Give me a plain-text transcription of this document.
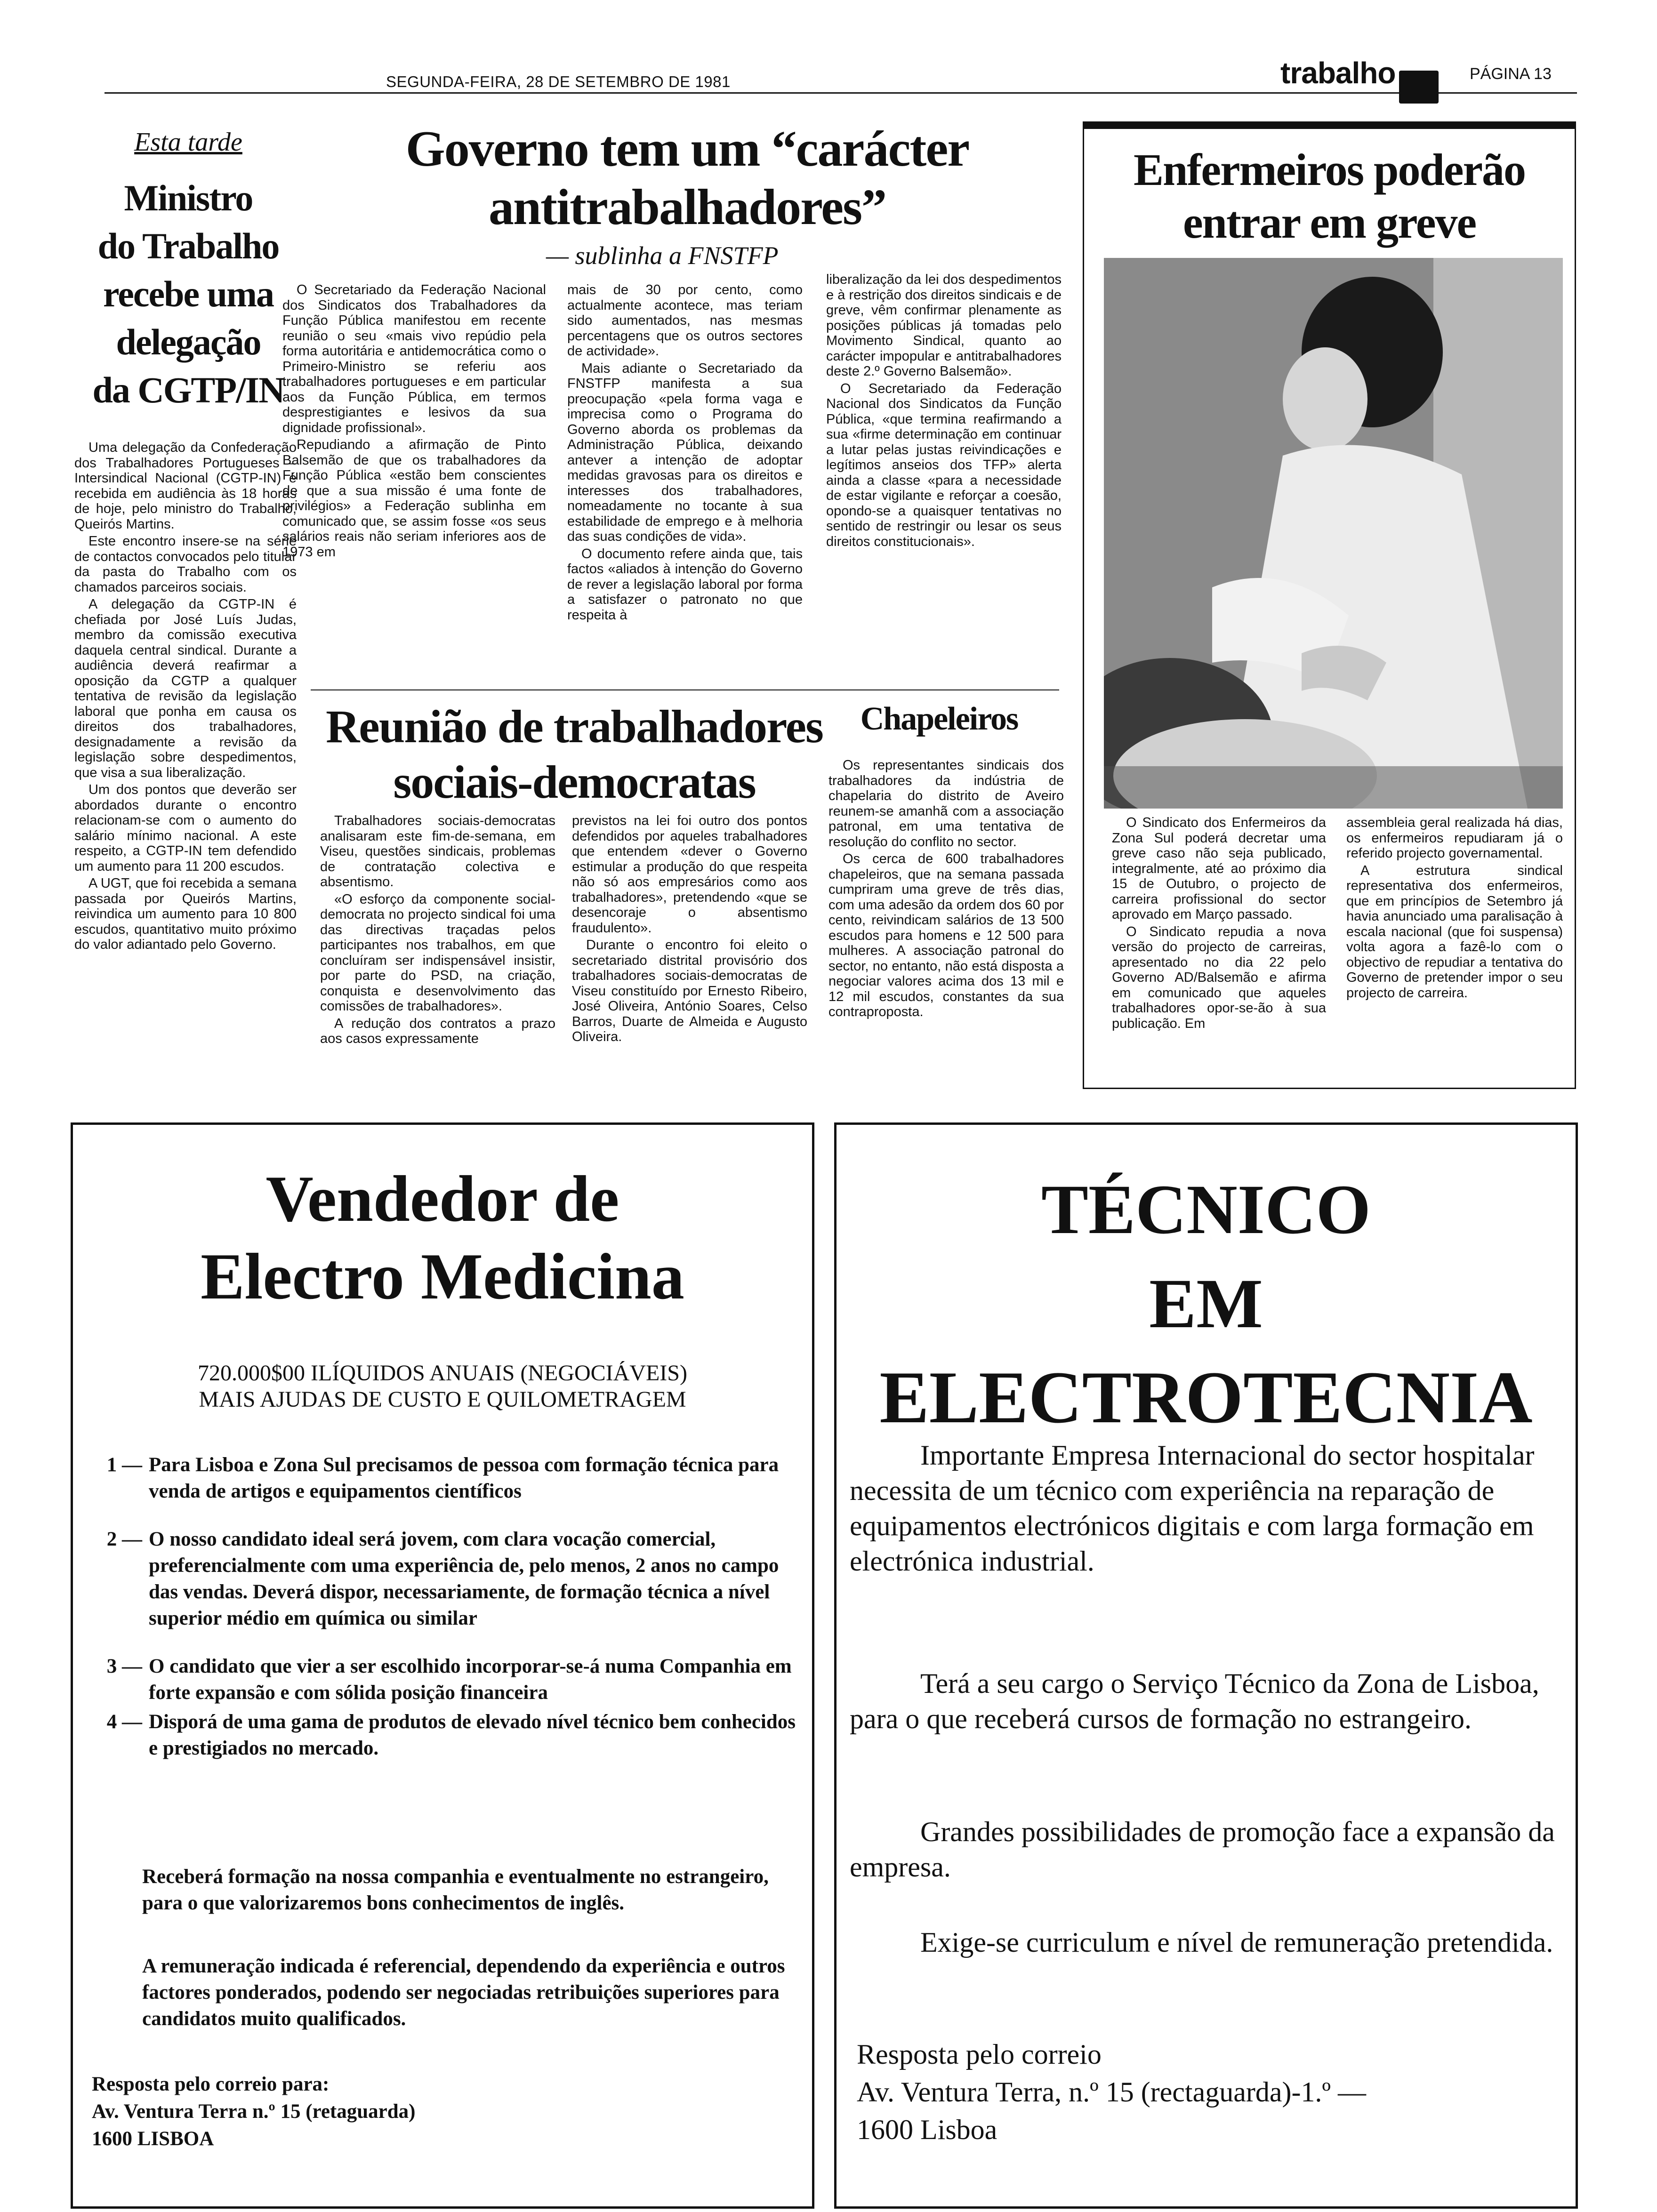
SEGUNDA-FEIRA, 28 DE SETEMBRO DE 1981	trabalho	PÁGINA 13
Esta tarde
Ministro
do Trabalho
recebe uma
delegação
da CGTP/IN

Uma delegação da Confederação dos Trabalhadores Portugueses – Intersindical Nacional (CGTP-IN) é recebida em audiência às 18 horas de hoje, pelo ministro do Trabalho, Queirós Martins.

Este encontro insere-se na série de contactos convocados pelo titular da pasta do Trabalho com os chamados parceiros sociais.

A delegação da CGTP-IN é chefiada por José Luís Judas, membro da comissão executiva daquela central sindical. Durante a audiência deverá reafirmar a oposição da CGTP a qualquer tentativa de revisão da legislação laboral que ponha em causa os direitos dos trabalhadores, designadamente a revisão da legislação sobre despedimentos, que visa a sua liberalização.

Um dos pontos que deverão ser abordados durante o encontro relacionam-se com o aumento do salário mínimo nacional. A este respeito, a CGTP-IN tem defendido um aumento para 11 200 escudos.

A UGT, que foi recebida a semana passada por Queirós Martins, reivindica um aumento para 10 800 escudos, quantitativo muito próximo do valor adiantado pelo Governo.

Governo tem um “carácter
antitrabalhadores”
— sublinha a FNSTFP

O Secretariado da Federação Nacional dos Sindicatos dos Trabalhadores da Função Pública manifestou em recente reunião o seu «mais vivo repúdio pela forma autoritária e antidemocrática como o Primeiro-Ministro se referiu aos trabalhadores portugueses e em particular aos da Função Pública, em termos desprestigiantes e lesivos da sua dignidade profissional».

Repudiando a afirmação de Pinto Balsemão de que os trabalhadores da Função Pública «estão bem conscientes de que a sua missão é uma fonte de privilégios» a Federação sublinha em comunicado que, se assim fosse «os seus salários reais não seriam inferiores aos de 1973 em

mais de 30 por cento, como actualmente acontece, mas teriam sido aumentados, nas mesmas percentagens que os outros sectores de actividade».

Mais adiante o Secretariado da FNSTFP manifesta a sua preocupação «pela forma vaga e imprecisa como o Programa do Governo aborda os problemas da Administração Pública, deixando antever a intenção de adoptar medidas gravosas para os direitos e interesses dos trabalhadores, nomeadamente no tocante à sua estabilidade de emprego e à melhoria das suas condições de vida».

O documento refere ainda que, tais factos «aliados à intenção do Governo de rever a legislação laboral por forma a satisfazer o patronato no que respeita à

liberalização da lei dos despedimentos e à restrição dos direitos sindicais e de greve, vêm confirmar plenamente as posições públicas já tomadas pelo Movimento Sindical, quanto ao carácter impopular e antitrabalhadores deste 2.º Governo Balsemão».

O Secretariado da Federação Nacional dos Sindicatos da Função Pública, «que termina reafirmando a sua «firme determinação em continuar a lutar pelas justas reivindicações e legítimos anseios dos TFP» alerta ainda a classe «para a necessidade de estar vigilante e reforçar a coesão, opondo-se a quaisquer tentativas no sentido de restringir ou lesar os seus direitos constitucionais».

Reunião de trabalhadores
sociais-democratas

Trabalhadores sociais-democratas analisaram este fim-de-semana, em Viseu, questões sindicais, problemas de contratação colectiva e absentismo.

«O esforço da componente social-democrata no projecto sindical foi uma das directivas traçadas pelos participantes nos trabalhos, em que concluíram ser indispensável insistir, por parte do PSD, na criação, conquista e desenvolvimento das comissões de trabalhadores».

A redução dos contratos a prazo aos casos expressamente

previstos na lei foi outro dos pontos defendidos por aqueles trabalhadores que entendem «dever o Governo estimular a produção do que respeita não só aos empresários como aos trabalhadores», pretendendo «que se desencoraje o absentismo fraudulento».

Durante o encontro foi eleito o secretariado distrital provisório dos trabalhadores sociais-democratas de Viseu constituído por Ernesto Ribeiro, José Oliveira, António Soares, Celso Barros, Duarte de Almeida e Augusto Oliveira.

Chapeleiros

Os representantes sindicais dos trabalhadores da indústria de chapelaria do distrito de Aveiro reunem-se amanhã com a associação patronal, em uma tentativa de resolução do conflito no sector.

Os cerca de 600 trabalhadores chapeleiros, que na semana passada cumpriram uma greve de três dias, com uma adesão da ordem dos 60 por cento, reivindicam salários de 13 500 escudos para homens e 12 500 para mulheres. A associação patronal do sector, no entanto, não está disposta a negociar valores acima dos 13 mil e 12 mil escudos, constantes da sua contraproposta.

Enfermeiros poderão
entrar em greve

O Sindicato dos Enfermeiros da Zona Sul poderá decretar uma greve caso não seja publicado, integralmente, até ao próximo dia 15 de Outubro, o projecto de carreira profissional do sector aprovado em Março passado.

O Sindicato repudia a nova versão do projecto de carreiras, apresentado no dia 22 pelo Governo AD/Balsemão e afirma em comunicado que aqueles trabalhadores opor-se-ão à sua publicação. Em

assembleia geral realizada há dias, os enfermeiros repudiaram já o referido projecto governamental.

A estrutura sindical representativa dos enfermeiros, que em princípios de Setembro já havia anunciado uma paralisação à escala nacional (que foi suspensa) volta agora a fazê-lo com o objectivo de repudiar a tentativa do Governo de pretender impor o seu projecto de carreira.

Vendedor de
Electro Medicina
720.000$00 ILÍQUIDOS ANUAIS (NEGOCIÁVEIS)
MAIS AJUDAS DE CUSTO E QUILOMETRAGEM
1 — Para Lisboa e Zona Sul precisamos de pessoa com formação técnica para venda de artigos e equipamentos científicos
2 — O nosso candidato ideal será jovem, com clara vocação comercial, preferencialmente com uma experiência de, pelo menos, 2 anos no campo das vendas. Deverá dispor, necessariamente, de formação técnica a nível superior médio em química ou similar
3 — O candidato que vier a ser escolhido incorporar-se-á numa Companhia em forte expansão e com sólida posição financeira
4 — Disporá de uma gama de produtos de elevado nível técnico bem conhecidos e prestigiados no mercado.
Receberá formação na nossa companhia e eventualmente no estrangeiro, para o que valorizaremos bons conhecimentos de inglês.
A remuneração indicada é referencial, dependendo da experiência e outros factores ponderados, podendo ser negociadas retribuições superiores para candidatos muito qualificados.
Resposta pelo correio para:
Av. Ventura Terra n.º 15 (retaguarda)
1600 LISBOA
TÉCNICO
EM
ELECTROTECNIA
Importante Empresa Internacional do sector hospitalar necessita de um técnico com experiência na reparação de equipamentos electrónicos digitais e com larga formação em electrónica industrial.
Terá a seu cargo o Serviço Técnico da Zona de Lisboa, para o que receberá cursos de formação no estrangeiro.
Grandes possibilidades de promoção face a expansão da empresa.
Exige-se curriculum e nível de remuneração pretendida.
Resposta pelo correio
Av. Ventura Terra, n.º 15 (rectaguarda)-1.º —
1600 Lisboa
